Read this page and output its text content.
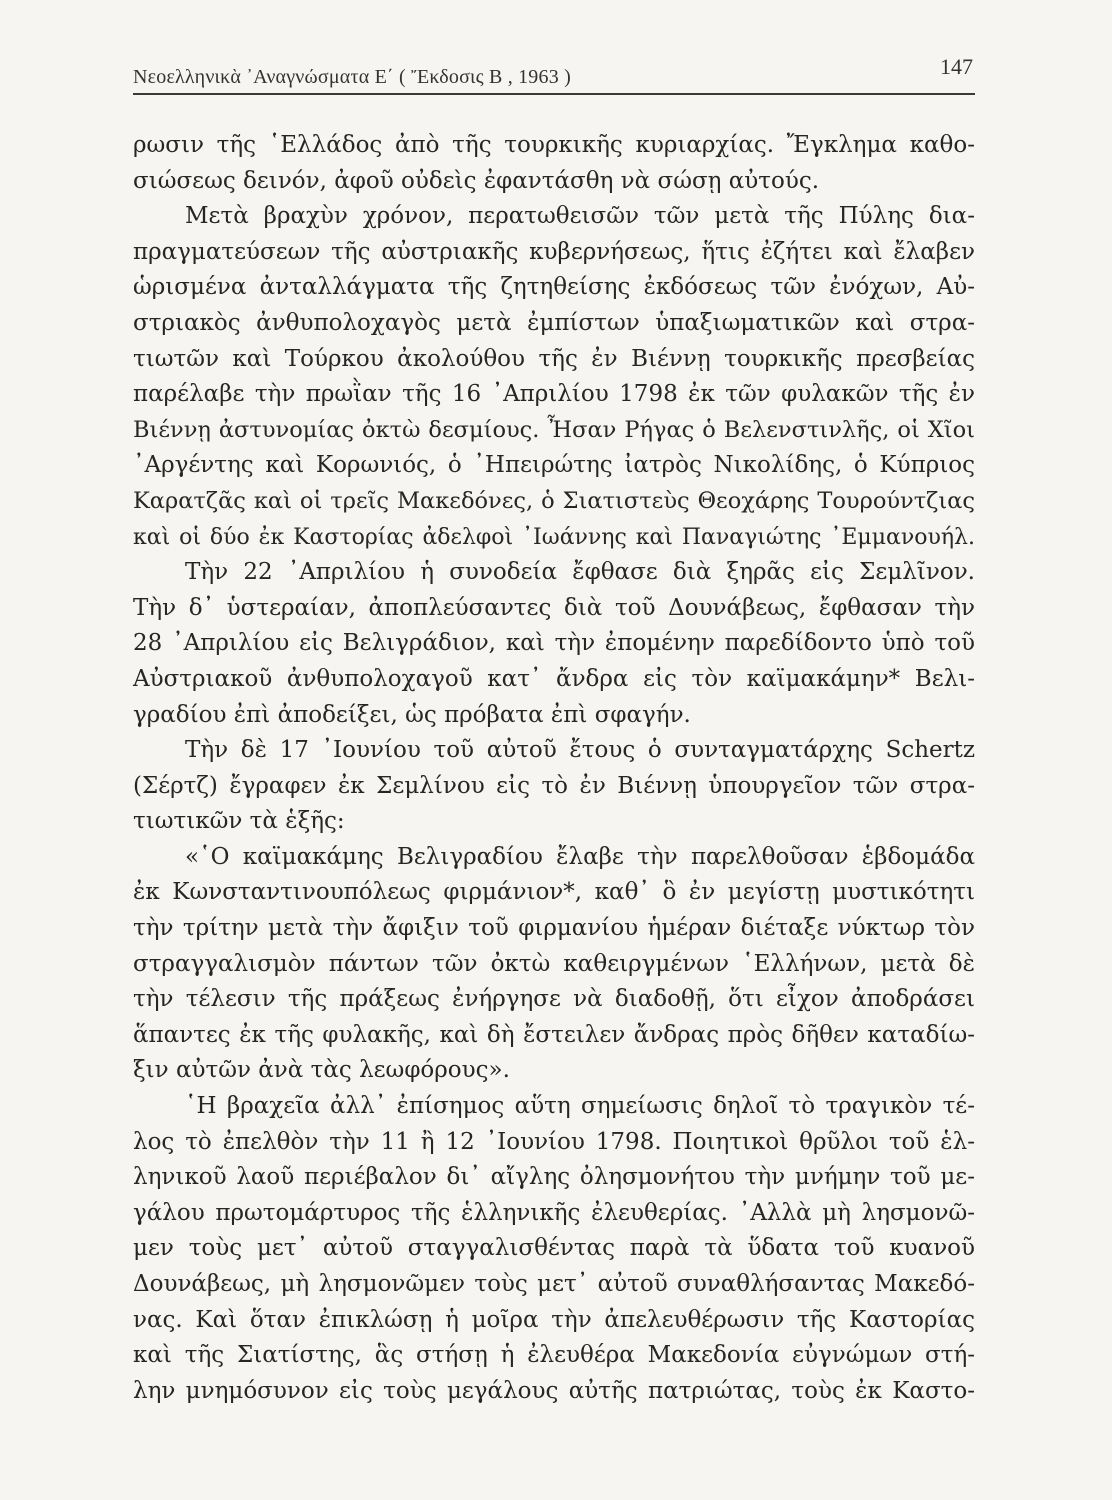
Νεοελληνικὰ ᾿Αναγνώσματα Ε΄ ( Ἔκδοσις Β , 1963 )	147
ρωσιν τῆς ῾Ελλάδος ἀπὸ τῆς τουρκικῆς κυριαρχίας. Ἔγκλημα καθο-
σιώσεως δεινόν, ἀφοῦ οὐδεὶς ἐφαντάσθη νὰ σώσῃ αὐτούς.
Μετὰ βραχὺν χρόνον, περατωθεισῶν τῶν μετὰ τῆς Πύλης δια-
πραγματεύσεων τῆς αὐστριακῆς κυβερνήσεως, ἥτις ἐζήτει καὶ ἔλαβεν
ὡρισμένα ἀνταλλάγματα τῆς ζητηθείσης ἐκδόσεως τῶν ἐνόχων, Αὐ-
στριακὸς ἀνθυπολοχαγὸς μετὰ ἐμπίστων ὑπαξιωματικῶν καὶ στρα-
τιωτῶν καὶ Τούρκου ἀκολούθου τῆς ἐν Βιέννῃ τουρκικῆς πρεσβείας
παρέλαβε τὴν πρωῒαν τῆς 16 ᾿Απριλίου 1798 ἐκ τῶν φυλακῶν τῆς ἐν
Βιέννῃ ἀστυνομίας ὀκτὼ δεσμίους. Ἦσαν Ρήγας ὁ Βελενστινλῆς, οἱ Χῖοι
᾿Αργέντης καὶ Κορωνιός, ὁ ᾿Ηπειρώτης ἰατρὸς Νικολίδης, ὁ Κύπριος
Καρατζᾶς καὶ οἱ τρεῖς Μακεδόνες, ὁ Σιατιστεὺς Θεοχάρης Τουρούντζιας
καὶ οἱ δύο ἐκ Καστορίας ἀδελφοὶ ᾿Ιωάννης καὶ Παναγιώτης ᾿Εμμανουήλ.
Τὴν 22 ᾿Απριλίου ἡ συνοδεία ἔφθασε διὰ ξηρᾶς εἰς Σεμλῖνον.
Τὴν δ᾿ ὑστεραίαν, ἀποπλεύσαντες διὰ τοῦ Δουνάβεως, ἔφθασαν τὴν
28 ᾿Απριλίου εἰς Βελιγράδιον, καὶ τὴν ἐπομένην παρεδίδοντο ὑπὸ τοῦ
Αὐστριακοῦ ἀνθυπολοχαγοῦ κατ᾿ ἄνδρα εἰς τὸν καϊμακάμην* Βελι-
γραδίου ἐπὶ ἀποδείξει, ὡς πρόβατα ἐπὶ σφαγήν.
Τὴν δὲ 17 ᾿Ιουνίου τοῦ αὐτοῦ ἔτους ὁ συνταγματάρχης Schertz
(Σέρτζ) ἔγραφεν ἐκ Σεμλίνου εἰς τὸ ἐν Βιέννῃ ὑπουργεῖον τῶν στρα-
τιωτικῶν τὰ ἑξῆς:
«῾Ο καϊμακάμης Βελιγραδίου ἔλαβε τὴν παρελθοῦσαν ἑβδομάδα
ἐκ Κωνσταντινουπόλεως φιρμάνιον*, καθ᾿ ὃ ἐν μεγίστῃ μυστικότητι
τὴν τρίτην μετὰ τὴν ἄφιξιν τοῦ φιρμανίου ἡμέραν διέταξε νύκτωρ τὸν
στραγγαλισμὸν πάντων τῶν ὀκτὼ καθειργμένων ῾Ελλήνων, μετὰ δὲ
τὴν τέλεσιν τῆς πράξεως ἐνήργησε νὰ διαδοθῇ, ὅτι εἶχον ἀποδράσει
ἅπαντες ἐκ τῆς φυλακῆς, καὶ δὴ ἔστειλεν ἄνδρας πρὸς δῆθεν καταδίω-
ξιν αὐτῶν ἀνὰ τὰς λεωφόρους».
῾Η βραχεῖα ἀλλ᾿ ἐπίσημος αὕτη σημείωσις δηλοῖ τὸ τραγικὸν τέ-
λος τὸ ἐπελθὸν τὴν 11 ἢ 12 ᾿Ιουνίου 1798. Ποιητικοὶ θρῦλοι τοῦ ἑλ-
ληνικοῦ λαοῦ περιέβαλον δι᾿ αἴγλης ὀλησμονήτου τὴν μνήμην τοῦ με-
γάλου πρωτομάρτυρος τῆς ἑλληνικῆς ἐλευθερίας. ᾿Αλλὰ μὴ λησμονῶ-
μεν τοὺς μετ᾿ αὐτοῦ σταγγαλισθέντας παρὰ τὰ ὕδατα τοῦ κυανοῦ
Δουνάβεως, μὴ λησμονῶμεν τοὺς μετ᾿ αὐτοῦ συναθλήσαντας Μακεδό-
νας. Καὶ ὅταν ἐπικλώσῃ ἡ μοῖρα τὴν ἀπελευθέρωσιν τῆς Καστορίας
καὶ τῆς Σιατίστης, ἃς στήσῃ ἡ ἐλευθέρα Μακεδονία εὐγνώμων στή-
λην μνημόσυνον εἰς τοὺς μεγάλους αὐτῆς πατριώτας, τοὺς ἐκ Καστο-
